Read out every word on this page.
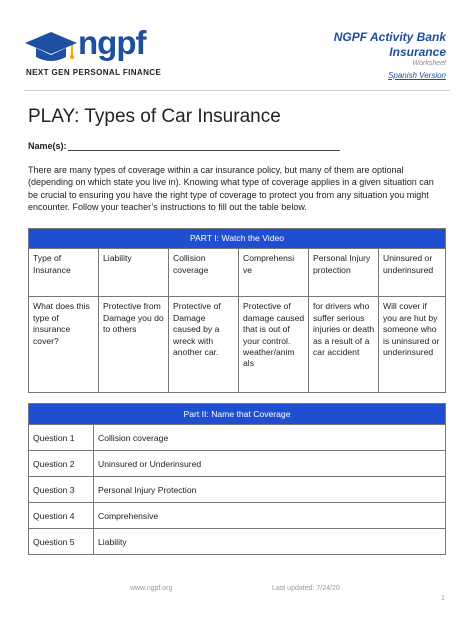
ngpf
NEXT GEN PERSONAL FINANCE
NGPF Activity Bank
Insurance
Worksheet
Spanish Version
PLAY: Types of Car Insurance
Name(s):
There are many types of coverage within a car insurance policy, but many of them are optional (depending on which state you live in). Knowing what type of coverage applies in a given situation can be crucial to ensuring you have the right type of coverage to protect you from any situation you might encounter. Follow your teacher’s instructions to fill out the table below.
PART I: Watch the Video					
Type of Insurance	Liability	Collision coverage	Comprehensi ve	Personal Injury protection	Uninsured or underinsured
What does this type of insurance cover?	Protective from Damage you do to others	Protective of Damage caused by a wreck with another car.	Protective of damage caused that is out of your control. weather/anim als	for drivers who suffer serious injuries or death as a result of a car accident	Will cover if you are hut by someone who is uninsured or underinsured
Part II: Name that Coverage	
Question 1	Collision coverage
Question 2	Uninsured or Underinsured
Question 3	Personal Injury Protection
Question 4	Comprehensive
Question 5	Liability
www.ngpf.org	Last updated: 7/24/20
1
